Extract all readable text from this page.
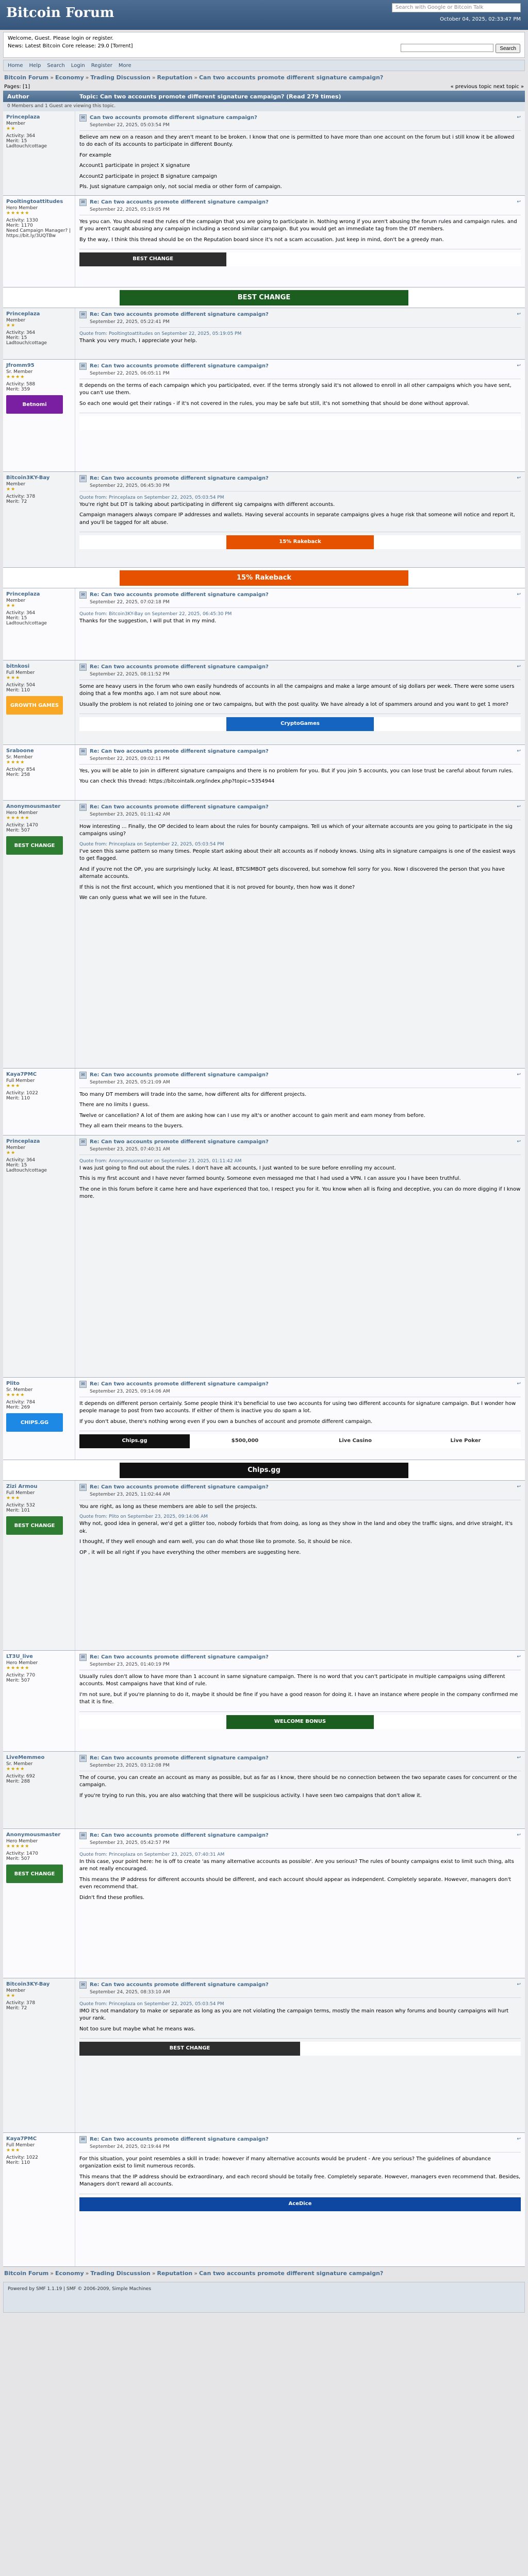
Bitcoin Forum	Search with Google or Bitcoin Talk
October 04, 2025, 02:33:47 PM
Welcome, Guest. Please login or register.
News: Latest Bitcoin Core release: 29.0 [Torrent]	Search
Home Help Search Login Register More
Bitcoin Forum » Economy » Trading Discussion » Reputation » Can two accounts promote different signature campaign?
Pages: [1]	« previous topic next topic »
Author	Topic: Can two accounts promote different signature campaign? (Read 279 times)
0 Members and 1 Guest are viewing this topic.
Princeplaza
Member
★★
Activity: 364
Merit: 15
Ladtouch/cottage
✉ Can two accounts promote different signature campaign?
September 22, 2025, 05:03:54 PM
↩

Believe am new on a reason and they aren't meant to be broken. I know that one is permitted to have more than one account on the forum but i still know it be allowed to do each of its accounts to participate in different Bounty.

For example

Account1 participate in project X signature

Account2 participate in project B signature campaign

Pls. Just signature campaign only, not social media or other form of campaign.

Pooltingtoattitudes
Hero Member
★★★★★
Activity: 1330
Merit: 1170
Need Campaign Manager? | https://bit.ly/3UQTBw
✉ Re: Can two accounts promote different signature campaign?
September 22, 2025, 05:19:05 PM
↩

Yes you can. You should read the rules of the campaign that you are going to participate in. Nothing wrong if you aren't abusing the forum rules and campaign rules. and If you aren't caught abusing any campaign including a second similar campaign. But you would get an immediate tag from the DT members.

By the way, I think this thread should be on the Reputation board since it's not a scam accusation. Just keep in mind, don't be a greedy man.

BEST CHANGE
BEST CHANGE
Princeplaza
Member
★★
Activity: 364
Merit: 15
Ladtouch/cottage
✉ Re: Can two accounts promote different signature campaign?
September 22, 2025, 05:22:41 PM
↩
Quote from: Pooltingtoattitudes on September 22, 2025, 05:19:05 PM

Thank you very much, I appreciate your help.

Jfromm95
Sr. Member
★★★★
Activity: 588
Merit: 359
Betnomi
✉ Re: Can two accounts promote different signature campaign?
September 22, 2025, 06:05:11 PM
↩

It depends on the terms of each campaign which you participated, ever. If the terms strongly said it's not allowed to enroll in all other campaigns which you have sent, you can't use them.

So each one would get their ratings - if it's not covered in the rules, you may be safe but still, it's not something that should be done without approval.

Bitcoin3KY-Bay
Member
★★
Activity: 378
Merit: 72
✉ Re: Can two accounts promote different signature campaign?
September 22, 2025, 06:45:30 PM
↩
Quote from: Princeplaza on September 22, 2025, 05:03:54 PM

You're right but DT is talking about participating in different sig campaigns with different accounts.

Campaign managers always compare IP addresses and wallets. Having several accounts in separate campaigns gives a huge risk that someone will notice and report it, and you'll be tagged for alt abuse.

15% Rakeback
15% Rakeback
Princeplaza
Member
★★
Activity: 364
Merit: 15
Ladtouch/cottage
✉ Re: Can two accounts promote different signature campaign?
September 22, 2025, 07:02:18 PM
↩
Quote from: Bitcoin3KY-Bay on September 22, 2025, 06:45:30 PM

Thanks for the suggestion, I will put that in my mind.

bitnkosi
Full Member
★★★
Activity: 504
Merit: 110
GROWTH GAMES
✉ Re: Can two accounts promote different signature campaign?
September 22, 2025, 08:11:52 PM
↩

Some are heavy users in the forum who own easily hundreds of accounts in all the campaigns and make a large amount of sig dollars per week. There were some users doing that a few months ago. I am not sure about now.

Usually the problem is not related to joining one or two campaigns, but with the post quality. We have already a lot of spammers around and you want to get 1 more?

CryptoGames
Sraboone
Sr. Member
★★★★
Activity: 854
Merit: 258
✉ Re: Can two accounts promote different signature campaign?
September 22, 2025, 09:02:11 PM
↩

Yes, you will be able to join in different signature campaigns and there is no problem for you. But if you join 5 accounts, you can lose trust be careful about forum rules.

You can check this thread: https://bitcointalk.org/index.php?topic=5354944

Anonymousmaster
Hero Member
★★★★★
Activity: 1470
Merit: 507
BEST CHANGE
✉ Re: Can two accounts promote different signature campaign?
September 23, 2025, 01:11:42 AM
↩

How interesting ... Finally, the OP decided to learn about the rules for bounty campaigns. Tell us which of your alternate accounts are you going to participate in the sig campaigns using?

Quote from: Princeplaza on September 22, 2025, 05:03:54 PM

I've seen this same pattern so many times. People start asking about their alt accounts as if nobody knows. Using alts in signature campaigns is one of the easiest ways to get flagged.

And if you're not the OP, you are surprisingly lucky. At least, BTCSIMBOT gets discovered, but somehow fell sorry for you. Now I discovered the person that you have alternate accounts.

If this is not the first account, which you mentioned that it is not proved for bounty, then how was it done?

We can only guess what we will see in the future.

Kaya7PMC
Full Member
★★★
Activity: 1022
Merit: 110
✉ Re: Can two accounts promote different signature campaign?
September 23, 2025, 05:21:09 AM
↩

Too many DT members will trade into the same, how different alts for different projects.

There are no limits I guess.

Twelve or cancellation? A lot of them are asking how can I use my alt's or another account to gain merit and earn money from before.

They all earn their means to the buyers.

Princeplaza
Member
★★
Activity: 364
Merit: 15
Ladtouch/cottage
✉ Re: Can two accounts promote different signature campaign?
September 23, 2025, 07:40:31 AM
↩
Quote from: Anonymousmaster on September 23, 2025, 01:11:42 AM

I was just going to find out about the rules. I don't have alt accounts, I just wanted to be sure before enrolling my account.

This is my first account and I have never farmed bounty. Someone even messaged me that I had used a VPN. I can assure you I have been truthful.

The one in this forum before it came here and have experienced that too, I respect you for it. You know when all is fixing and deceptive, you can do more digging if I know more.

Plito
Sr. Member
★★★★
Activity: 784
Merit: 269
CHIPS.GG
✉ Re: Can two accounts promote different signature campaign?
September 23, 2025, 09:14:06 AM
↩

It depends on different person certainly. Some people think it's beneficial to use two accounts for using two different accounts for signature campaign. But I wonder how people manage to post from two accounts. If either of them is inactive you do spam a lot.

If you don't abuse, there's nothing wrong even if you own a bunches of account and promote different campaign.

Chips.gg	$500,000	Live Casino	Live Poker
Chips.gg
Zizi Armou
Full Member
★★★
Activity: 532
Merit: 101
BEST CHANGE
✉ Re: Can two accounts promote different signature campaign?
September 23, 2025, 11:02:44 AM
↩

You are right, as long as these members are able to sell the projects.

Quote from: Plito on September 23, 2025, 09:14:06 AM

Why not, good idea in general, we'd get a glitter too, nobody forbids that from doing, as long as they show in the land and obey the traffic signs, and drive straight, it's ok.

I thought, If they well enough and earn well, you can do what those like to promote. So, it should be nice.

OP , it will be all right if you have everything the other members are suggesting here.

LT3U_live
Hero Member
★★★★★
Activity: 770
Merit: 507
✉ Re: Can two accounts promote different signature campaign?
September 23, 2025, 01:40:19 PM
↩

Usually rules don't allow to have more than 1 account in same signature campaign. There is no word that you can't participate in multiple campaigns using different accounts. Most campaigns have that kind of rule.

I'm not sure, but if you're planning to do it, maybe it should be fine if you have a good reason for doing it. I have an instance where people in the company confirmed me that it is fine.

WELCOME BONUS
LiveMemmeo
Sr. Member
★★★★
Activity: 692
Merit: 288
✉ Re: Can two accounts promote different signature campaign?
September 23, 2025, 03:12:08 PM
↩

The of course, you can create an account as many as possible, but as far as I know, there should be no connection between the two separate cases for concurrent or the campaign.

If you're trying to run this, you are also watching that there will be suspicious activity. I have seen two campaigns that don't allow it.

Anonymousmaster
Hero Member
★★★★★
Activity: 1470
Merit: 507
BEST CHANGE
✉ Re: Can two accounts promote different signature campaign?
September 23, 2025, 05:42:57 PM
↩
Quote from: Princeplaza on September 23, 2025, 07:40:31 AM

In this case, your point here: he is off to create 'as many alternative accounts as possible'. Are you serious? The rules of bounty campaigns exist to limit such thing, alts are not really encouraged.

This means the IP address for different accounts should be different, and each account should appear as independent. Completely separate. However, managers don't even recommend that.

Didn't find these profiles.

Bitcoin3KY-Bay
Member
★★
Activity: 378
Merit: 72
✉ Re: Can two accounts promote different signature campaign?
September 24, 2025, 08:33:10 AM
↩
Quote from: Princeplaza on September 22, 2025, 05:03:54 PM

IMO it's not mandatory to make or separate as long as you are not violating the campaign terms, mostly the main reason why forums and bounty campaigns will hurt your rank.

Not too sure but maybe what he means was.

BEST CHANGE
Kaya7PMC
Full Member
★★★
Activity: 1022
Merit: 110
✉ Re: Can two accounts promote different signature campaign?
September 24, 2025, 02:19:44 PM
↩

For this situation, your point resembles a skill in trade: however if many alternative accounts would be prudent - Are you serious? The guidelines of abundance organization exist to limit numerous records.

This means that the IP address should be extraordinary, and each record should be totally free. Completely separate. However, managers even recommend that. Besides, Managers don't reward all accounts.

AceDice
Bitcoin Forum » Economy » Trading Discussion » Reputation » Can two accounts promote different signature campaign?
Powered by SMF 1.1.19 | SMF © 2006-2009, Simple Machines
